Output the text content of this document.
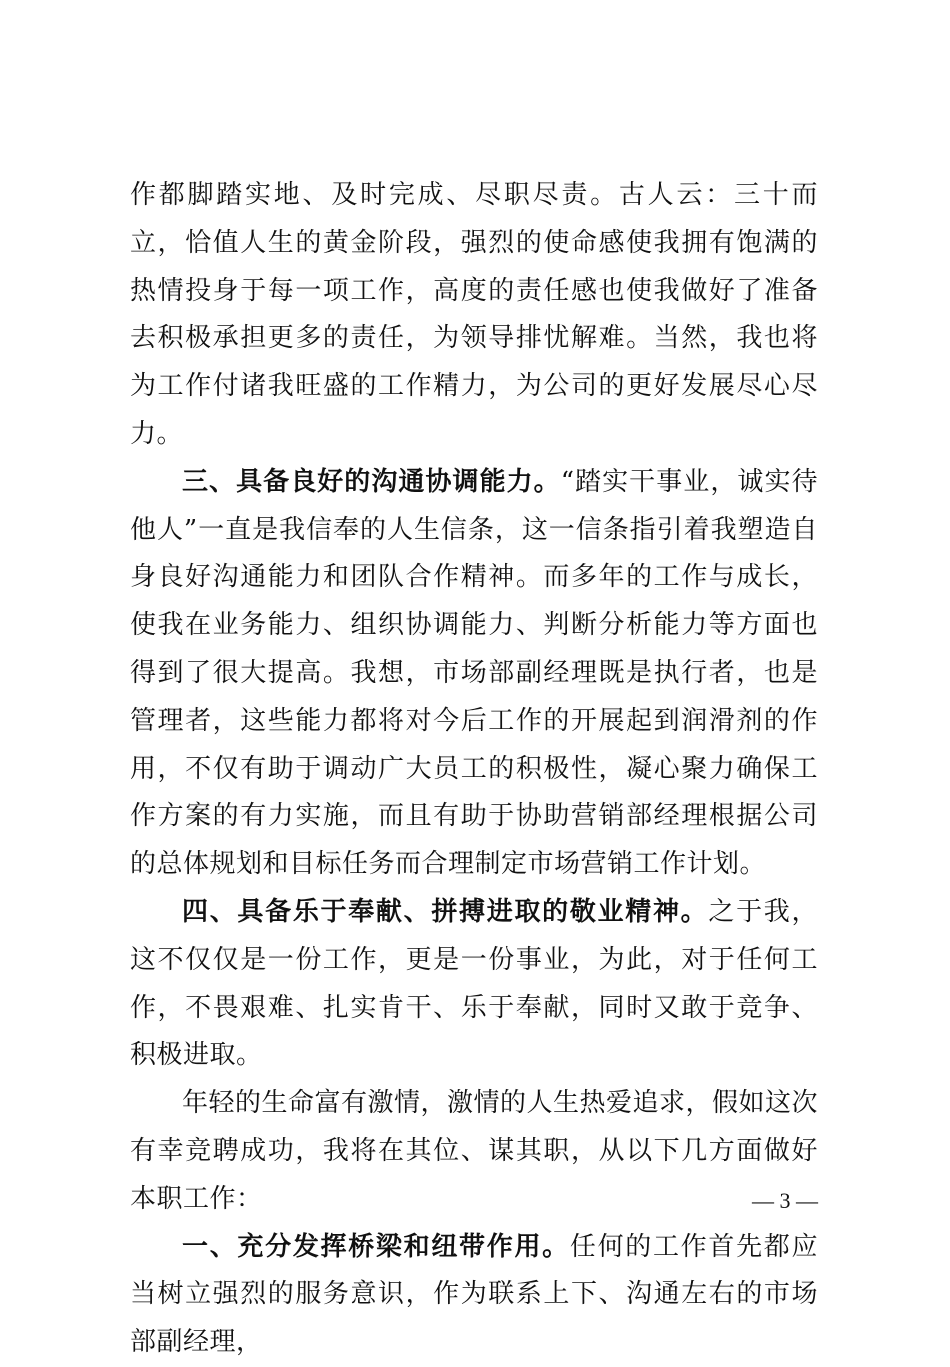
作都脚踏实地、及时完成、尽职尽责。古人云：三十而立，恰值人生的黄金阶段，强烈的使命感使我拥有饱满的热情投身于每一项工作，高度的责任感也使我做好了准备去积极承担更多的责任，为领导排忧解难。当然，我也将为工作付诸我旺盛的工作精力，为公司的更好发展尽心尽力。

三、具备良好的沟通协调能力。“踏实干事业，诚实待他人”一直是我信奉的人生信条，这一信条指引着我塑造自身良好沟通能力和团队合作精神。而多年的工作与成长，使我在业务能力、组织协调能力、判断分析能力等方面也得到了很大提高。我想，市场部副经理既是执行者，也是管理者，这些能力都将对今后工作的开展起到润滑剂的作用，不仅有助于调动广大员工的积极性，凝心聚力确保工作方案的有力实施，而且有助于协助营销部经理根据公司的总体规划和目标任务而合理制定市场营销工作计划。

四、具备乐于奉献、拼搏进取的敬业精神。之于我，这不仅仅是一份工作，更是一份事业，为此，对于任何工作，不畏艰难、扎实肯干、乐于奉献，同时又敢于竞争、积极进取。

年轻的生命富有激情，激情的人生热爱追求，假如这次有幸竞聘成功，我将在其位、谋其职，从以下几方面做好本职工作：

一、充分发挥桥梁和纽带作用。任何的工作首先都应当树立强烈的服务意识，作为联系上下、沟通左右的市场部副经理，

— 3 —
